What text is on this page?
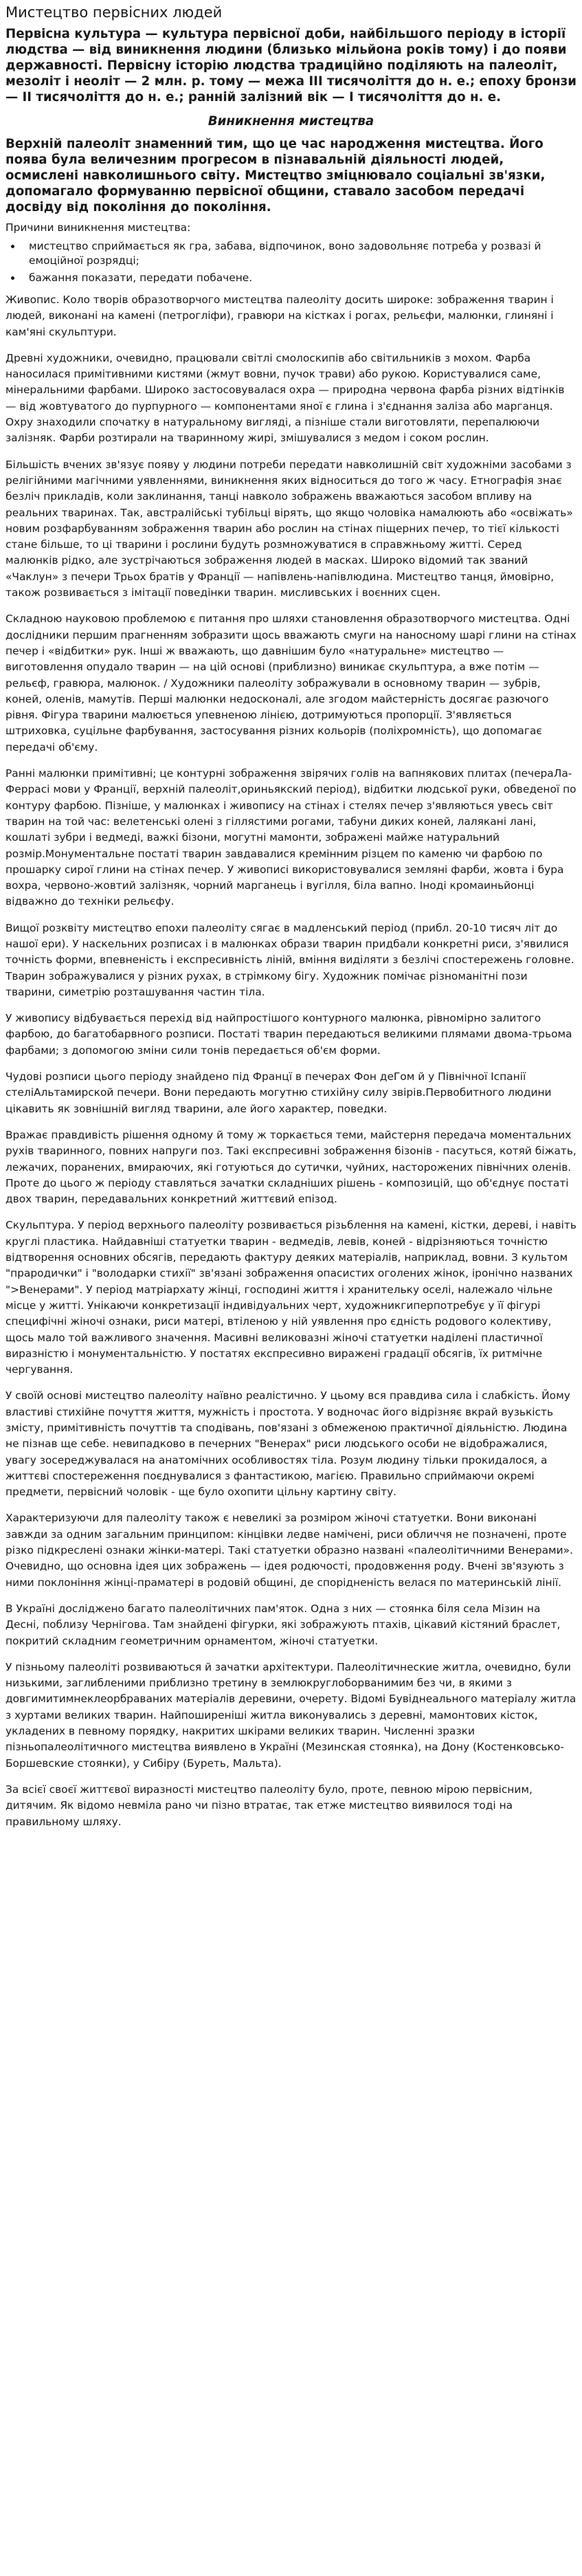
Мистецтво первісних людей

Первісна культура — культура первісної доби, найбільшого періоду в історії людства — від виникнення людини (близько мільйона років тому) і до появи державності. Первісну історію людства традиційно поділяють на палеоліт, мезоліт і неоліт — 2 млн. р. тому — межа ІІІ тисячоліття до н. е.; епоху бронзи — ІІ тисячоліття до н. е.; ранній залізний вік — І тисячоліття до н. е.

Виникнення мистецтва

Верхній палеоліт знаменний тим, що це час народження мистецтва. Його поява була величезним прогресом в пізнавальній діяльності людей, осмислені навколишнього світу. Мистецтво зміцнювало соціальні зв'язки, допомагало формуванню первісної общини, ставало засобом передачі досвіду від покоління до покоління.

Причини виникнення мистецтва:
• мистецтво сприймається як гра, забава, відпочинок, воно задовольняє потреба у розвазі й емоційної розрядці;
• бажання показати, передати побачене.

Живопис. Коло творів образотворчого мистецтва палеоліту досить широке: зображення тварин і людей, виконані на камені (петрогліфи), гравюри на кістках і рогах, рельєфи, малюнки, глиняні і кам'яні скульптури.

Древні художники, очевидно, працювали світлі смолоскипів або світильників з мохом. Фарба наносилася примітивними кистями (жмут вовни, пучок трави) або рукою. Користувалися саме, мінеральними фарбами. Широко застосовувалася охра — природна червона фарба різних відтінків — від жовтуватого до пурпурного — компонентами яної є глина і з'єднання заліза або марганця. Охру знаходили спочатку в натуральному вигляді, а пізніше стали виготовляти, перепалюючи залізняк. Фарби розтирали на тваринному жирі, змішувалися з медом і соком рослин.

Більшість вчених зв'язує появу у людини потреби передати навколишній світ художніми засобами з релігійними магічними уявленнями, виникнення яких відноситься до того ж часу. Етнографія знає безліч прикладів, коли заклинання, танці навколо зображень вважаються засобом впливу на реальних тваринах. Так, австралійські тубільці вірять, що якщо чоловіка намалюють або «освіжать» новим розфарбуванням зображення тварин або рослин на стінах піщерних печер, то тієї кількості стане більше, то ці тварини і рослини будуть розмножуватися в справжньому житті. Серед малюнків рідко, але зустрічаються зображення людей в масках. Широко відомий так званий «Чаклун» з печери Трьох братів у Франції — напівлень-напівлюдина. Мистецтво танця, ймовірно, також розвивається з імітації поведінки тварин. мисливських і воєнних сцен.

Складною науковою проблемою є питання про шляхи становлення образотворчого мистецтва. Одні дослідники першим прагненням зобразити щось вважають смуги на наносному шарі глини на стінах печер і «відбитки» рук. Інші ж вважають, що давнішим було «натуральне» мистецтво — виготовлення опудало тварин — на цій основі (приблизно) виникає скульптура, а вже потім — рельєф, гравюра, малюнок. / Художники палеоліту зображували в основному тварин — зубрів, коней, оленів, мамутів. Перші малюнки недосконалі, але згодом майстерність досягає разючого рівня. Фігура тварини малюється упевненою лінією, дотримуються пропорції. З'являється штриховка, суцільне фарбування, застосування різних кольорів (поліхромність), що допомагає передачі об'єму.

Ранні малюнки примітивні; це контурні зображення звірячих голів на вапнякових плитах (печераЛа-Феррасі мови у Франції, верхній палеоліт,ориньякский період), відбитки людської руки, обведеної по контуру фарбою. Пізніше, у малюнках і живопису на стінах і стелях печер з'являються увесь світ тварин на той час: велетенські олені з гіллястими рогами, табуни диких коней, лалякані лані, кошлаті зубри і ведмеді, важкі бізони, могутні мамонти, зображені майже натуральний розмір.Монументальне постаті тварин завдавалися кремінним різцем по каменю чи фарбою по прошарку сирої глини на стінах печер. У живописі використовувалися земляні фарби, жовта і бура вохра, червоно-жовтий залізняк, чорний марганець і вугілля, біла вапно. Іноді кромаиньйонці відважно до техніки рельєфу.

Вищої розквіту мистецтво епохи палеоліту сягає в мадленський період (прибл. 20-10 тисяч літ до нашої ери). У наскельних розписах і в малюнках образи тварин придбали конкретні риси, з'явилися точність форми, впевненість і експресивність ліній, вміння виділяти з безлічі спостережень головне. Тварин зображувалися у різних рухах, в стрімкому бігу. Художник помічає різноманітні пози тварини, симетрію розташування частин тіла.

У живопису відбувається перехід від найпростішого контурного малюнка, рівномірно залитого фарбою, до багатобарвного розписи. Постаті тварин передаються великими плямами двома-трьома фарбами; з допомогою зміни сили тонів передається об'єм форми.

Чудові розписи цього періоду знайдено під Францї в печерах Фон деГом й у Північної Іспанії стеліАльтамирской печери. Вони передають могутню стихійну силу звірів.Первобитного людини цікавить як зовнішній вигляд тварини, але його характер, поведки.

Вражає правдивість рішення одному й тому ж торкається теми, майстерня передача моментальних рухів тваринного, повних напруги поз. Такі експресивні зображення бізонів - пасуться, котяй біжать, лежачих, поранених, вмираючих, які готуються до сутички, чуйних, насторожених північних оленів. Проте до цього ж періоду ставляться зачатки складніших рішень - композицій, що об'єднує постаті двох тварин, передавальних конкретний життєвий епізод.

Скульптура. У період верхнього палеоліту розвивається різьблення на камені, кістки, дереві, і навіть круглі пластика. Найдавніші статуетки тварин - ведмедів, левів, коней - відрізняються точністю відтворення основних обсягів, передають фактуру деяких матеріалів, наприклад, вовни. З культом "прародички" і "володарки стихії" зв'язані зображення опасистих оголених жінок, іронічно названих ">Венерами". У період матріархату жінці, господині життя і хранительку оселі, належало чільне місце у житті. Унікаючи конкретизації індивідуальних черт, художникгиперпотребує у її фігурі специфічні жіночі ознаки, риси матері, втіленою у ній уявлення про єдність родового колективу, щось мало той важливого значення. Масивні великовазні жіночі статуетки наділені пластичної виразністю і монументальністю. У постатях експресивно виражені градації обсягів, їх ритмічне чергування.

У своїй основі мистецтво палеоліту наївно реалістично. У цьому вся правдива сила і слабкість. Йому властиві стихійне почуття життя, мужність і простота. У водночас його відрізняє вкрай вузькість змісту, примітивність почуттів та сподівань, пов'язані з обмеженою практичної діяльністю. Людина не пізнав ще себе. невипадково в печерних "Венерах" риси людського особи не відображалися, увагу зосереджувалася на анатомічних особливостях тіла. Розум людину тільки прокидалося, а життєві спостереження поєднувалися з фантастикою, магією. Правильно сприймаючи окремі предмети, первісний чоловік - ще було охопити цільну картину світу.

Характеризуючи для палеоліту також є невеликі за розміром жіночі статуетки. Вони виконані завжди за одним загальним принципом: кінцівки ледве намічені, риси обличчя не позначені, проте різко підкреслені ознаки жінки-матері. Такі статуетки образно названі «палеолітичними Венерами». Очевидно, що основна ідея цих зображень — ідея родючості, продовження роду. Вчені зв'язують з ними поклоніння жінці-праматері в родовій общині, де спорідненість велася по материнській лінії.

В Україні досліджено багато палеолітичних пам'яток. Одна з них — стоянка біля села Мізин на Десні, поблизу Чернігова. Там знайдені фігурки, які зображують птахів, цікавий кістяний браслет, покритий складним геометричним орнаментом, жіночі статуетки.

У пізньому палеоліті розвиваються й зачатки архітектури. Палеолітичнеские житла, очевидно, були низькими, заглибленими приблизно третину в землюкруглоборванимим без чи, в якими з довгимитимнеклеорбраваних матеріалів деревини, очерету. Відомі Бувіднеального матеріалу житла з хуртами великих тварин. Найпоширеніші житла виконувались з деревні, мамонтових кісток, укладених в певному порядку, накритих шкірами великих тварин. Численні зразки пізньопалеолітичного мистецтва виявлено в Україні (Мезинская стоянка), на Дону (Костенковсько-Боршевские стоянки), у Сибіру (Буреть, Мальта).

За всієї своєї життєвої виразності мистецтво палеоліту було, проте, певною мірою первісним, дитячим. Як відомо невміла рано чи пізно втратає, так етже мистецтво виявилося тоді на правильному шляху.
